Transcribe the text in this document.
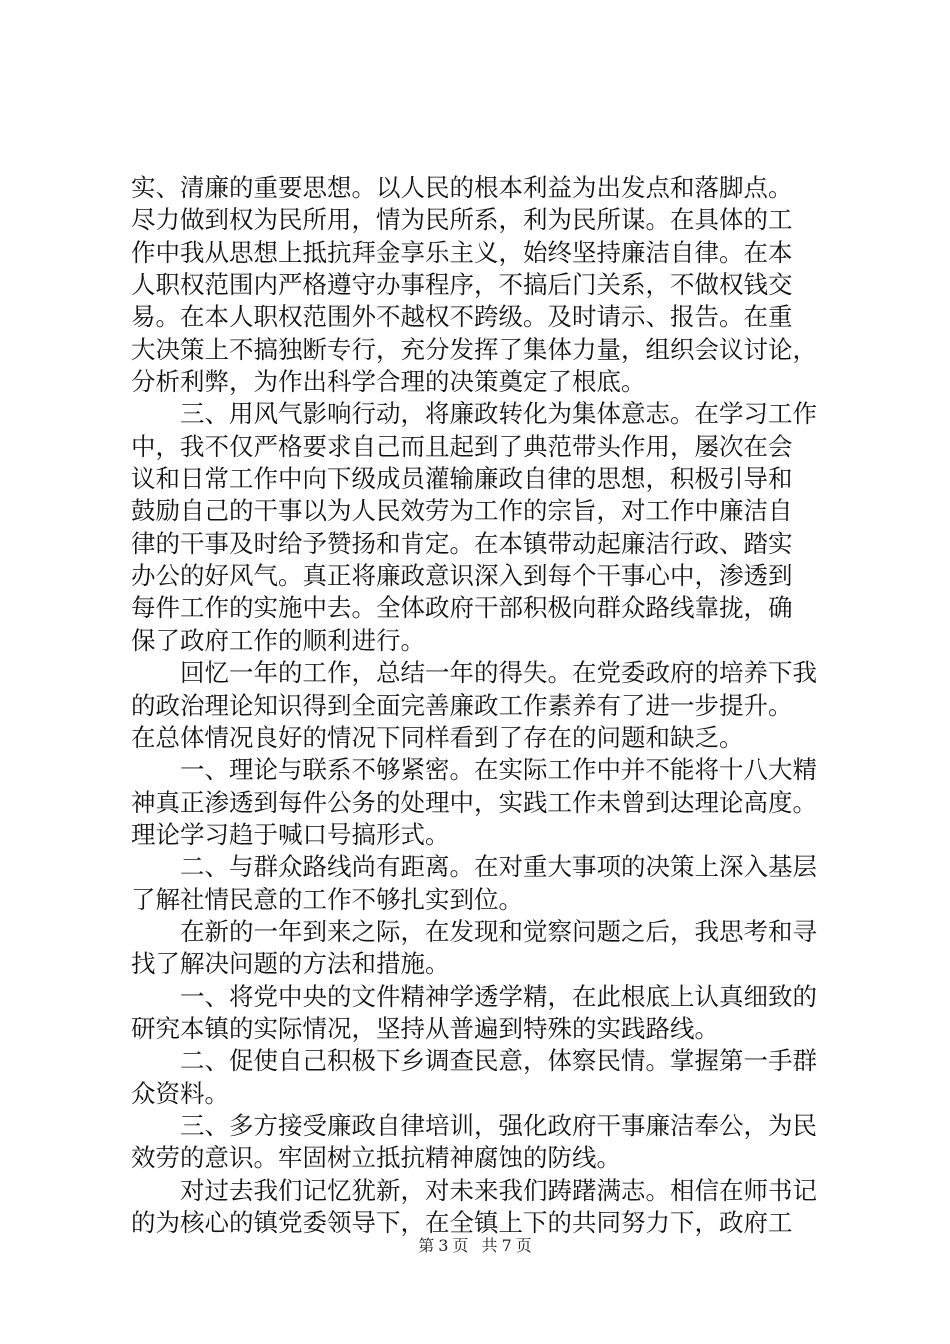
实、清廉的重要思想。以人民的根本利益为出发点和落脚点。
尽力做到权为民所用，情为民所系，利为民所谋。在具体的工
作中我从思想上抵抗拜金享乐主义，始终坚持廉洁自律。在本
人职权范围内严格遵守办事程序，不搞后门关系，不做权钱交
易。在本人职权范围外不越权不跨级。及时请示、报告。在重
大决策上不搞独断专行，充分发挥了集体力量，组织会议讨论，
分析利弊，为作出科学合理的决策奠定了根底。
三、用风气影响行动，将廉政转化为集体意志。在学习工作
中，我不仅严格要求自己而且起到了典范带头作用，屡次在会
议和日常工作中向下级成员灌输廉政自律的思想，积极引导和
鼓励自己的干事以为人民效劳为工作的宗旨，对工作中廉洁自
律的干事及时给予赞扬和肯定。在本镇带动起廉洁行政、踏实
办公的好风气。真正将廉政意识深入到每个干事心中，渗透到
每件工作的实施中去。全体政府干部积极向群众路线靠拢，确
保了政府工作的顺利进行。
回忆一年的工作，总结一年的得失。在党委政府的培养下我
的政治理论知识得到全面完善廉政工作素养有了进一步提升。
在总体情况良好的情况下同样看到了存在的问题和缺乏。
一、理论与联系不够紧密。在实际工作中并不能将十八大精
神真正渗透到每件公务的处理中，实践工作未曾到达理论高度。
理论学习趋于喊口号搞形式。
二、与群众路线尚有距离。在对重大事项的决策上深入基层
了解社情民意的工作不够扎实到位。
在新的一年到来之际，在发现和觉察问题之后，我思考和寻
找了解决问题的方法和措施。
一、将党中央的文件精神学透学精，在此根底上认真细致的
研究本镇的实际情况，坚持从普遍到特殊的实践路线。
二、促使自己积极下乡调查民意，体察民情。掌握第一手群
众资料。
三、多方接受廉政自律培训，强化政府干事廉洁奉公，为民
效劳的意识。牢固树立抵抗精神腐蚀的防线。
对过去我们记忆犹新，对未来我们踌躇满志。相信在师书记
的为核心的镇党委领导下，在全镇上下的共同努力下，政府工
第 3 页 共 7 页
